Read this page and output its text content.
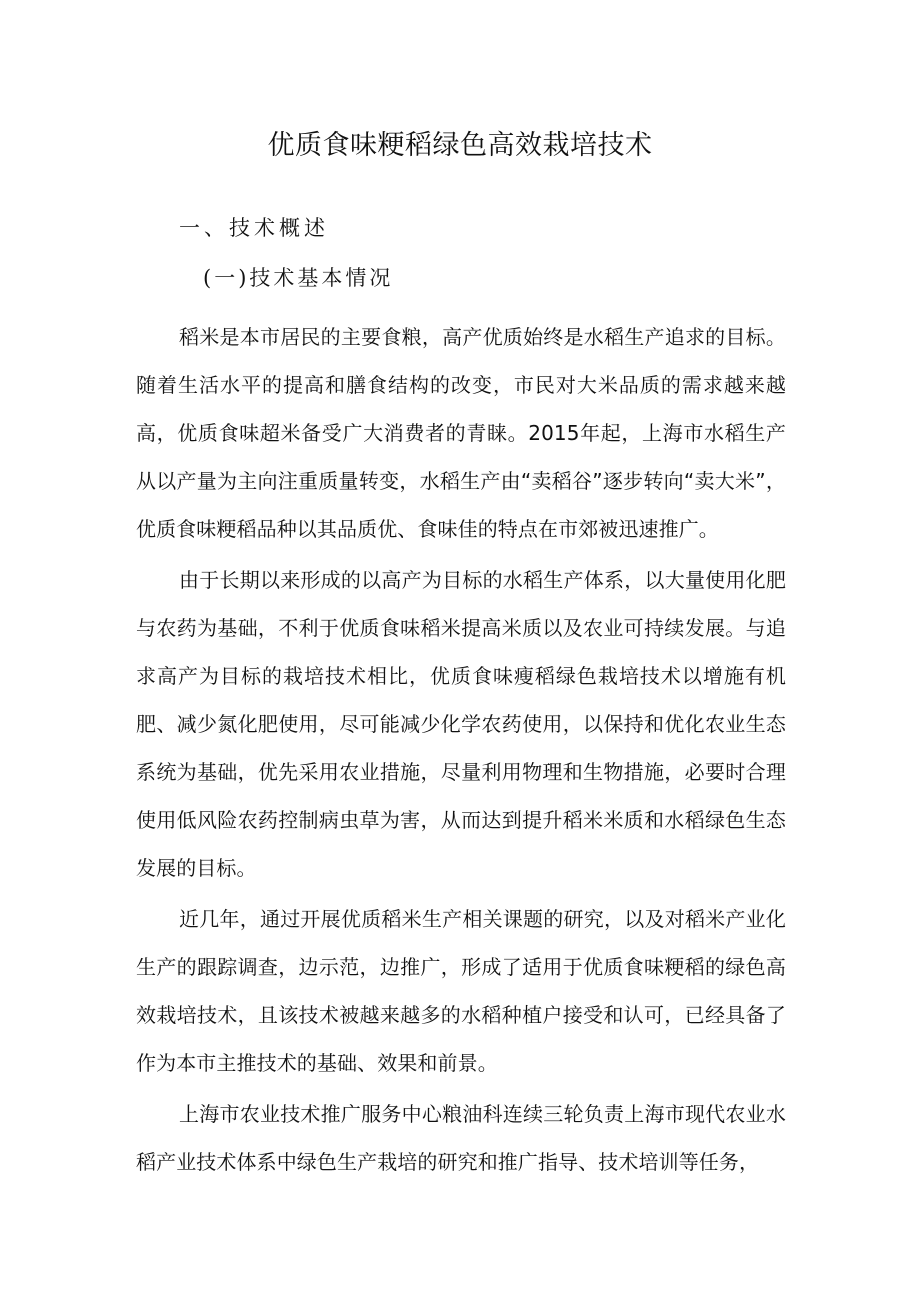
优质食味粳稻绿色高效栽培技术
一、技术概述
(一)技术基本情况

稻米是本市居民的主要食粮，高产优质始终是水稻生产追求的目标。随着生活水平的提高和膳食结构的改变，市民对大米品质的需求越来越高，优质食味超米备受广大消费者的青睐。2015年起，上海市水稻生产从以产量为主向注重质量转变，水稻生产由“卖稻谷”逐步转向“卖大米”，优质食味粳稻品种以其品质优、食味佳的特点在市郊被迅速推广。

由于长期以来形成的以高产为目标的水稻生产体系，以大量使用化肥与农药为基础，不利于优质食味稻米提高米质以及农业可持续发展。与追求高产为目标的栽培技术相比，优质食味瘦稻绿色栽培技术以增施有机肥、减少氮化肥使用，尽可能减少化学农药使用，以保持和优化农业生态系统为基础，优先采用农业措施，尽量利用物理和生物措施，必要时合理使用低风险农药控制病虫草为害，从而达到提升稻米米质和水稻绿色生态发展的目标。

近几年，通过开展优质稻米生产相关课题的研究，以及对稻米产业化生产的跟踪调查，边示范，边推广，形成了适用于优质食味粳稻的绿色高效栽培技术，且该技术被越来越多的水稻种植户接受和认可，已经具备了作为本市主推技术的基础、效果和前景。

上海市农业技术推广服务中心粮油科连续三轮负责上海市现代农业水稻产业技术体系中绿色生产栽培的研究和推广指导、技术培训等任务，
